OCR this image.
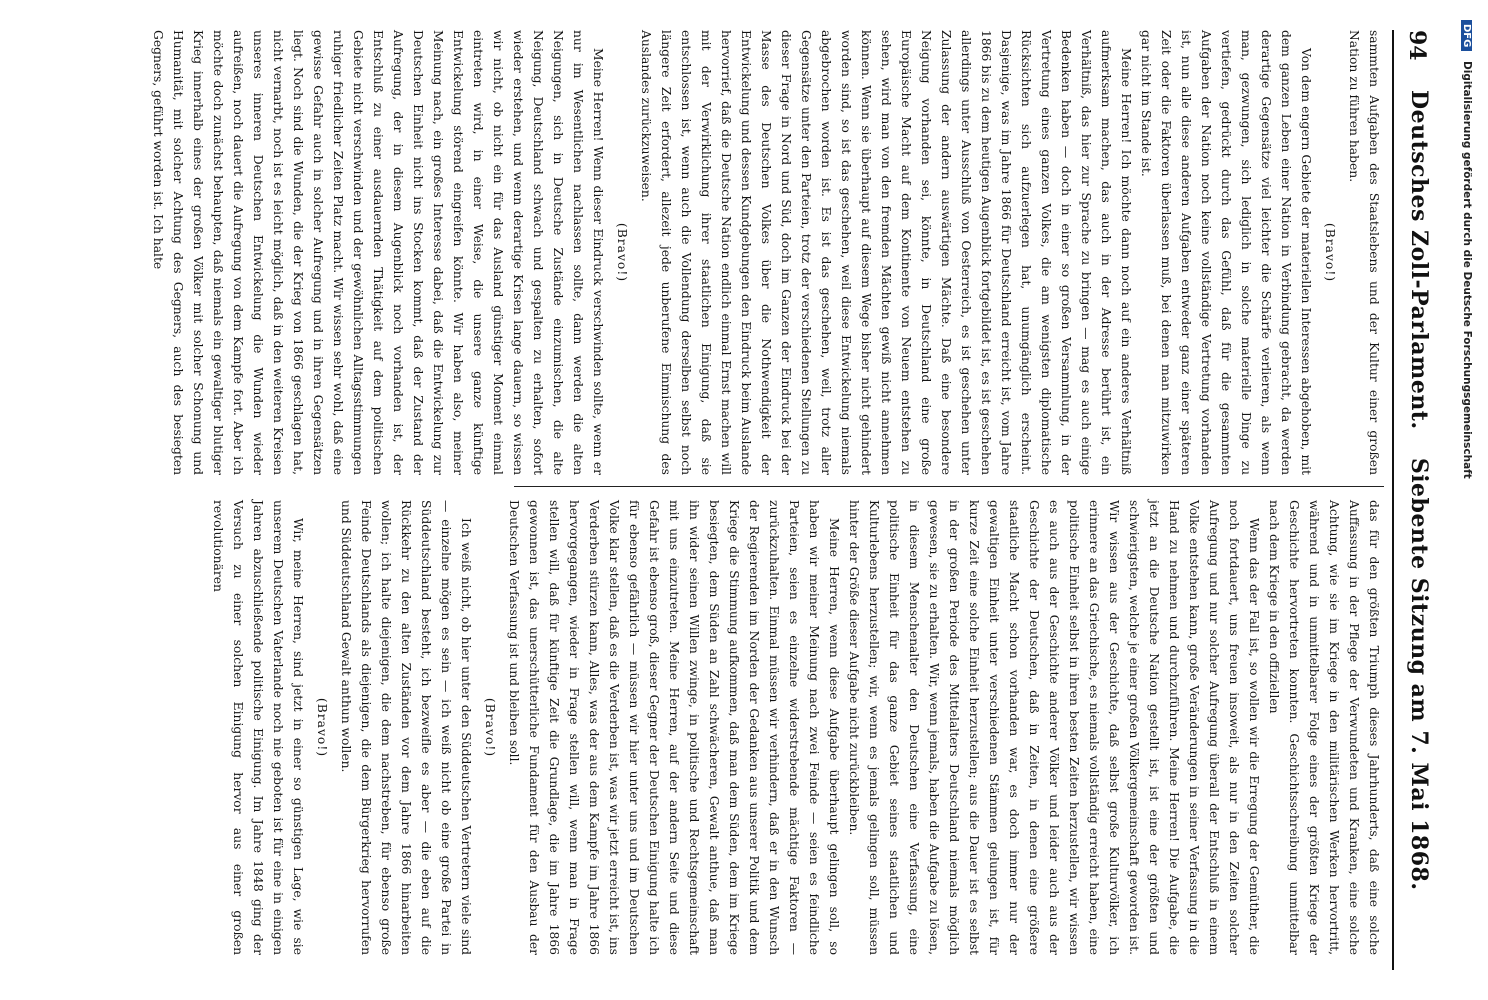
94
Deutsches Zoll-Parlament. Siebente Sitzung am 7. Mai 1868.

sammten Aufgaben des Staatslebens und der Kultur einer großen Nation zu führen haben.

(Bravo!)

Von dem engern Gebiete der materiellen Interessen abgehoben, mit dem ganzen Leben einer Nation in Verbindung gebracht, da werden derartige Gegensätze viel leichter die Schärfe verlieren, als wenn man, gezwungen, sich lediglich in solche materielle Dinge zu vertiefen, gedrückt durch das Gefühl, daß für die gesammten Aufgaben der Nation noch keine vollständige Vertretung vorhanden ist, nun alle diese anderen Aufgaben entweder ganz einer späteren Zeit oder die Faktoren überlassen muß, bei denen man mitzuwirken gar nicht im Stande ist.

Meine Herren! Ich möchte dann noch auf ein anderes Verhältniß aufmerksam machen, das auch in der Adresse berührt ist, ein Verhältniß, das hier zur Sprache zu bringen — mag es auch einige Bedenken haben — doch in einer so großen Versammlung, in der Vertretung eines ganzen Volkes, die am wenigsten diplomatische Rücksichten sich aufzuerlegen hat, unumgänglich erscheint. Dasjenige, was im Jahre 1866 für Deutschland erreicht ist, vom Jahre 1866 bis zu dem heutigen Augenblick fortgebildet ist, es ist geschehen allerdings unter Ausschluß von Oesterreich, es ist geschehen unter Zulassung der andern auswärtigen Mächte. Daß eine besondere Neigung vorhanden sei, könnte, in Deutschland eine große Europäische Macht auf dem Kontinente von Neuem entstehen zu sehen, wird man von den fremden Mächten gewiß nicht annehmen können. Wenn sie überhaupt auf diesem Wege bisher nicht gehindert worden sind, so ist das geschehen, weil diese Entwickelung niemals abgebrochen worden ist. Es ist das geschehen, weil, trotz aller Gegensätze unter den Parteien, trotz der verschiedenen Stellungen zu dieser Frage in Nord und Süd, doch im Ganzen der Eindruck bei der Masse des Deutschen Volkes über die Nothwendigkeit der Entwickelung und dessen Kundgebungen den Eindruck beim Auslande hervorrief, daß die Deutsche Nation endlich einmal Ernst machen will mit der Verwirklichung ihrer staatlichen Einigung, daß sie entschlossen ist, wenn auch die Vollendung derselben selbst noch längere Zeit erfordert, allezeit jede unberufene Einmischung des Auslandes zurückzuweisen.

(Bravo!)

Meine Herren! Wenn dieser Eindruck verschwinden sollte, wenn er nur im Wesentlichen nachlassen sollte, dann werden die alten Neigungen, sich in Deutsche Zustände einzumischen, die alte Neigung, Deutschland schwach und gespalten zu erhalten, sofort wieder erstehen, und wenn derartige Krisen lange dauern, so wissen wir nicht, ob nicht ein für das Ausland günstiger Moment einmal eintreten wird, in einer Weise, die unsere ganze künftige Entwickelung störend eingreifen könnte. Wir haben also, meiner Meinung nach, ein großes Interesse dabei, daß die Entwickelung zur Deutschen Einheit nicht ins Stocken kommt, daß der Zustand der Aufregung, der in diesem Augenblick noch vorhanden ist, der Entschluß zu einer ausdauernden Thätigkeit auf dem politischen Gebiete nicht verschwinden und der gewöhnlichen Alltagsstimmungen ruhiger friedlicher Zeiten Platz macht. Wir wissen sehr wohl, daß eine gewisse Gefahr auch in solcher Aufregung und in ihren Gegensätzen liegt. Noch sind die Wunden, die der Krieg von 1866 geschlagen hat, nicht vernarbt, noch ist es leicht möglich, daß in den weiteren Kreisen unseres inneren Deutschen Entwickelung die Wunden wieder aufreißen, noch dauert die Aufregung von dem Kampfe fort. Aber ich möchte doch zunächst behaupten, daß niemals ein gewaltiger blutiger Krieg innerhalb eines der großen Völker mit solcher Schonung und Humanität, mit solcher Achtung des Gegners, auch des besiegten Gegners, geführt worden ist. Ich halte

das für den größten Triumph dieses Jahrhunderts, daß eine solche Auffassung in der Pflege der Verwundeten und Kranken, eine solche Achtung, wie sie im Kriege in den militärischen Werken hervortritt, während und in unmittelbarer Folge eines der größten Kriege der Geschichte hervortreten konnten. Geschichtsschreibung unmittelbar nach dem Kriege in den offiziellen

Wenn das der Fall ist, so wollen wir die Erregung der Gemüther, die noch fortdauert, uns freuen insoweit, als nur in den Zeiten solcher Aufregung und nur solcher Aufregung überall der Entschluß in einem Volke entstehen kann, große Veränderungen in seiner Verfassung in die Hand zu nehmen und durchzuführen. Meine Herren! Die Aufgabe, die jetzt an die Deutsche Nation gestellt ist, ist eine der größten und schwierigsten, welche je einer großen Völkergemeinschaft geworden ist. Wir wissen aus der Geschichte, daß selbst große Kulturvölker, ich erinnere an das Griechische, es niemals vollständig erreicht haben, eine politische Einheit selbst in ihren besten Zeiten herzustellen, wir wissen es auch aus der Geschichte anderer Völker und leider auch aus der Geschichte der Deutschen, daß in Zeiten, in denen eine größere staatliche Macht schon vorhanden war, es doch immer nur der gewaltigen Einheit unter verschiedenen Stämmen gelungen ist, für kurze Zeit eine solche Einheit herzustellen; aus die Dauer ist es selbst in der großen Periode des Mittelalters Deutschland niemals möglich gewesen, sie zu erhalten. Wir, wenn jemals, haben die Aufgabe zu lösen, in diesem Menschenalter den Deutschen eine Verfassung, eine politische Einheit für das ganze Gebiet seines staatlichen und Kulturlebens herzustellen; wir, wenn es jemals gelingen soll, müssen hinter der Größe dieser Aufgabe nicht zurückbleiben.

Meine Herren, wenn diese Aufgabe überhaupt gelingen soll, so haben wir meiner Meinung nach zwei Feinde — seien es feindliche Parteien, seien es einzelne widerstrebende mächtige Faktoren — zurückzuhalten. Einmal müssen wir verhindern, daß er in den Wunsch der Regierenden im Norden der Gedanken aus unserer Politik und dem Kriege die Stimmung aufkommen, daß man dem Süden, dem im Kriege besiegten, dem Süden an Zahl schwächeren, Gewalt anthue, daß man ihn wider seinen Willen zwinge, in politische und Rechtsgemeinschaft mit uns einzutreten. Meine Herren, auf der andern Seite und diese Gefahr ist ebenso groß, dieser Gegner der Deutschen Einigung halte ich für ebenso gefährlich — müssen wir hier unter uns und im Deutschen Volke klar stellen, daß es die Verderben ist, was wir jetzt erreicht ist, ins Verderben stürzen kann, Alles, was der aus dem Kampfe im Jahre 1866 hervorgegangen, wieder in Frage stellen will, wenn man in Frage stellen will, daß für künftige Zeit die Grundlage, die im Jahre 1866 gewonnen ist, das unerschütterliche Fundament für den Ausbau der Deutschen Verfassung ist und bleiben soll.

(Bravo!)

Ich weiß nicht, ob hier unter den Süddeutschen Vertretern viele sind — einzelne mögen es sein — ich weiß nicht ob eine große Partei in Süddeutschland besteht, ich bezweifle es aber — die eben auf die Rückkehr zu den alten Zuständen vor dem Jahre 1866 hinarbeiten wollen; ich halte diejenigen, die dem nachstreben, für ebenso große Feinde Deutschlands als diejenigen, die dem Bürgerkrieg hervorrufen und Süddeutschland Gewalt anthun wollen.

(Bravo!)

Wir, meine Herren, sind jetzt in einer so günstigen Lage, wie sie unserem Deutschen Vaterlande noch nie geboten ist für eine in einigen Jahren abzuschließende politische Einigung. Im Jahre 1848 ging der Versuch zu einer solchen Einigung hervor aus einer großen revolutionären

DFG Digitalisierung gefördert durch die Deutsche Forschungsgemeinschaft
